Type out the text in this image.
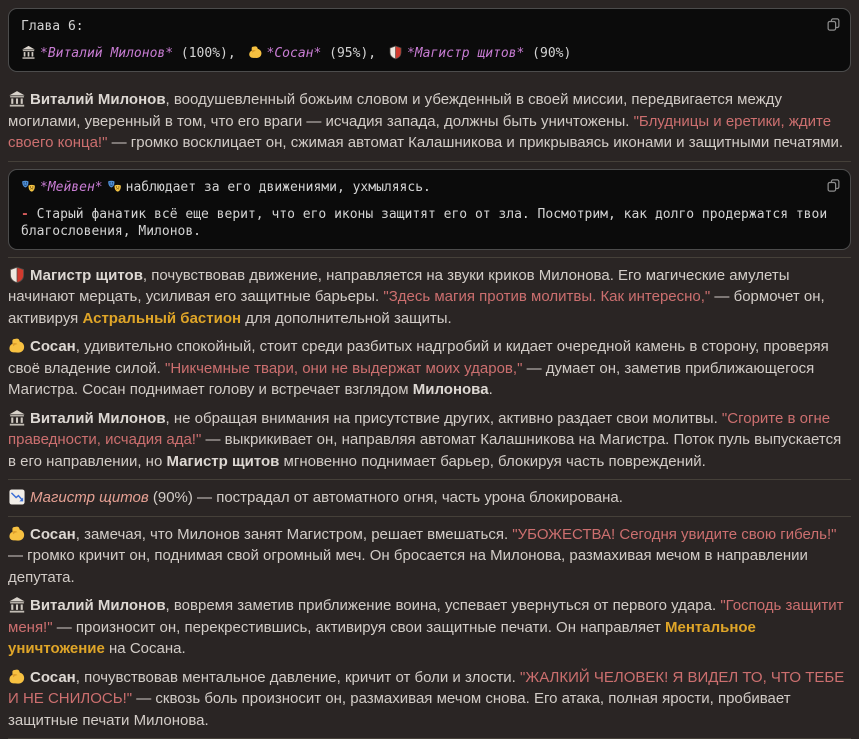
Глава 6:
*Виталий Милонов* (100%), *Сосан* (95%), *Магистр щитов* (90%)

Виталий Милонов, воодушевленный божьим словом и убежденный в своей миссии, передвигается между могилами, уверенный в том, что его враги — исчадия запада, должны быть уничтожены. "Блудницы и еретики, ждите своего конца!" — громко восклицает он, сжимая автомат Калашникова и прикрываясь иконами и защитными печатями.

*Мейвен* наблюдает за его движениями, ухмыляясь.
- Старый фанатик всё еще верит, что его иконы защитят его от зла. Посмотрим, как долго продержатся твои благословения, Милонов.

Магистр щитов, почувствовав движение, направляется на звуки криков Милонова. Его магические амулеты начинают мерцать, усиливая его защитные барьеры. "Здесь магия против молитвы. Как интересно," — бормочет он, активируя Астральный бастион для дополнительной защиты.

Сосан, удивительно спокойный, стоит среди разбитых надгробий и кидает очередной камень в сторону, проверяя своё владение силой. "Никчемные твари, они не выдержат моих ударов," — думает он, заметив приближающегося Магистра. Сосан поднимает голову и встречает взглядом Милонова.

Виталий Милонов, не обращая внимания на присутствие других, активно раздает свои молитвы. "Сгорите в огне праведности, исчадия ада!" — выкрикивает он, направляя автомат Калашникова на Магистра. Поток пуль выпускается в его направлении, но Магистр щитов мгновенно поднимает барьер, блокируя часть повреждений.

Магистр щитов (90%) — пострадал от автоматного огня, часть урона блокирована.

Сосан, замечая, что Милонов занят Магистром, решает вмешаться. "УБОЖЕСТВА! Сегодня увидите свою гибель!" — громко кричит он, поднимая свой огромный меч. Он бросается на Милонова, размахивая мечом в направлении депутата.

Виталий Милонов, вовремя заметив приближение воина, успевает увернуться от первого удара. "Господь защитит меня!" — произносит он, перекрестившись, активируя свои защитные печати. Он направляет Ментальное уничтожение на Сосана.

Сосан, почувствовав ментальное давление, кричит от боли и злости. "ЖАЛКИЙ ЧЕЛОВЕК! Я ВИДЕЛ ТО, ЧТО ТЕБЕ И НЕ СНИЛОСЬ!" — сквозь боль произносит он, размахивая мечом снова. Его атака, полная ярости, пробивает защитные печати Милонова.
